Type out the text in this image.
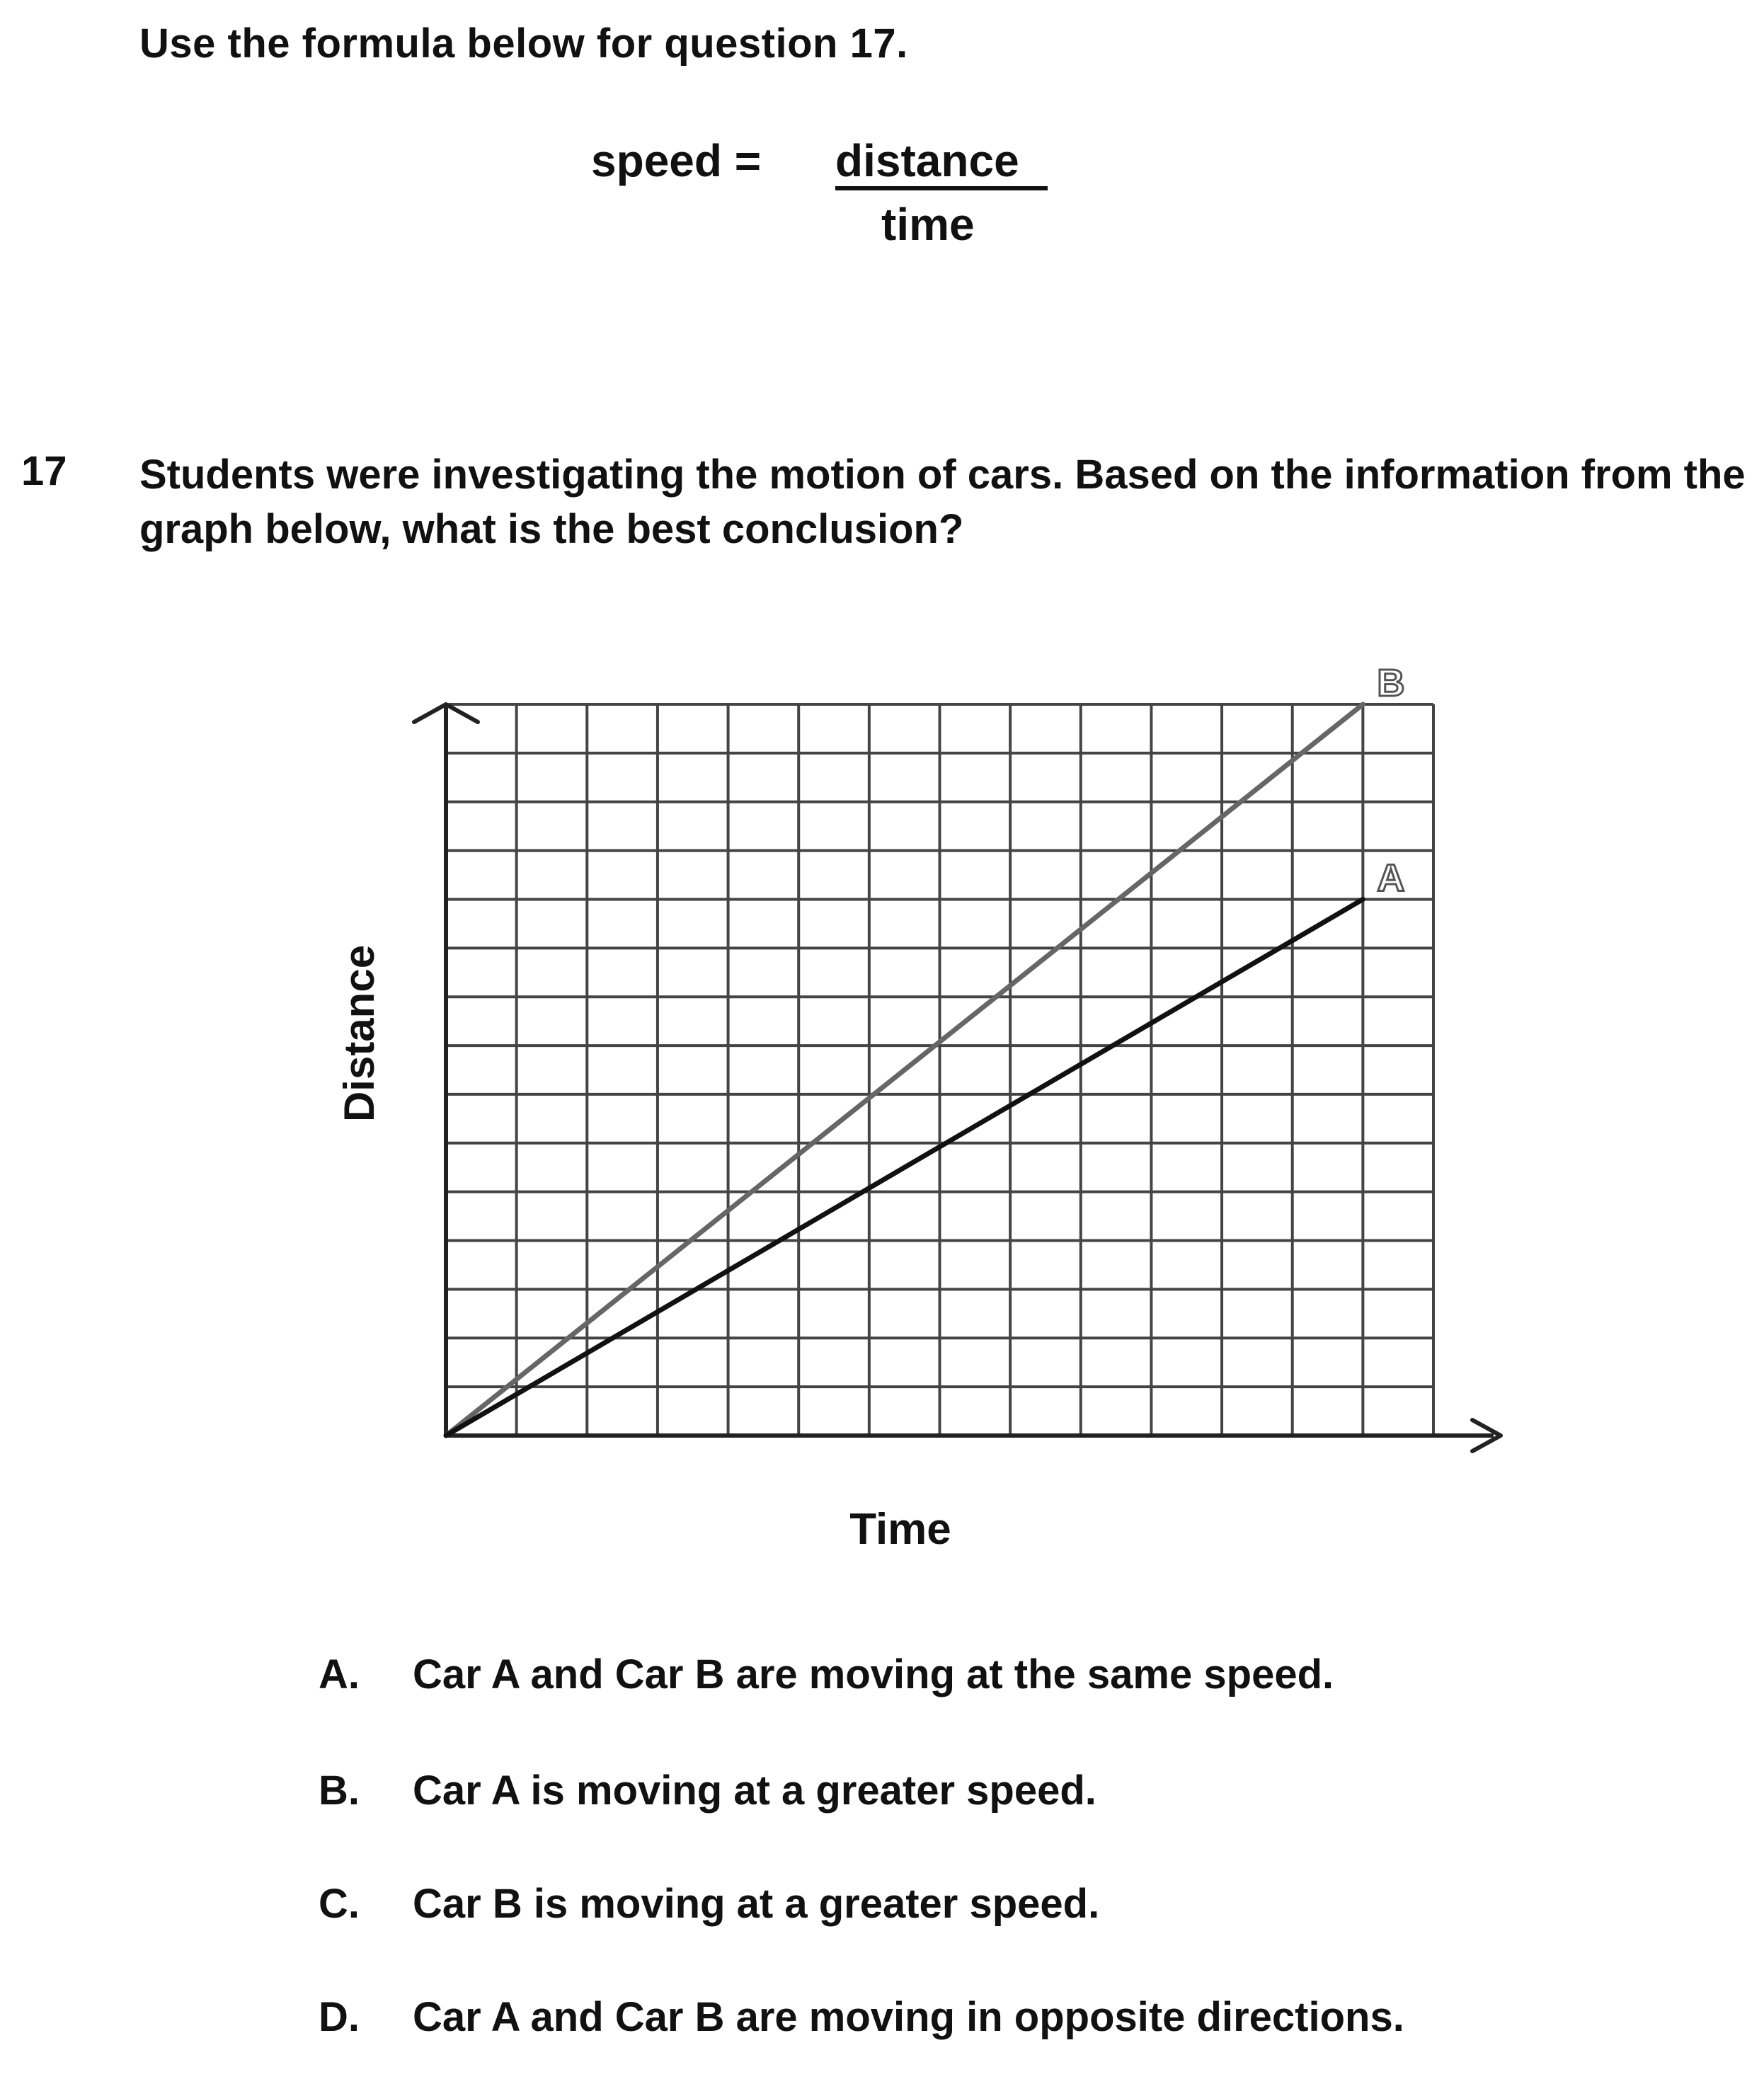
Use the formula below for question 17.

speed = distance
time
17 Students were investigating the motion of cars. Based on the information from the graph below, what is the best conclusion?

Distance
Time
B
A
A. Car A and Car B are moving at the same speed.
B. Car A is moving at a greater speed.
C. Car B is moving at a greater speed.
D. Car A and Car B are moving in opposite directions.
